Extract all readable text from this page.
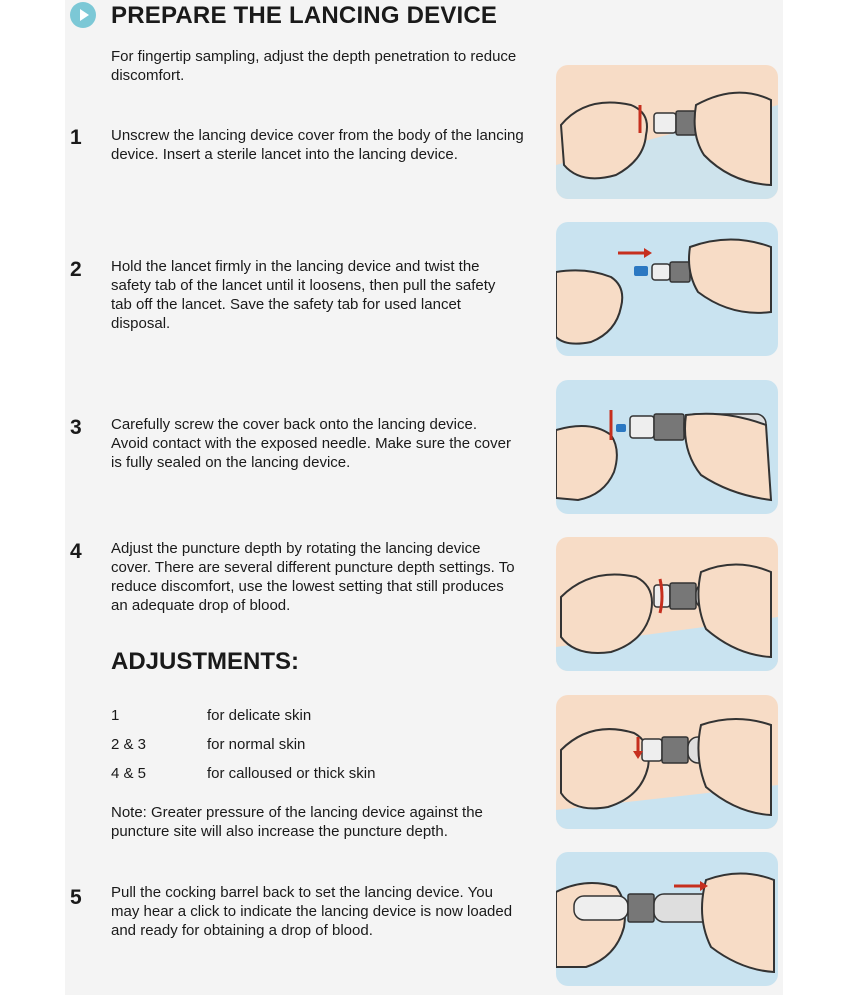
PREPARE THE LANCING DEVICE
For fingertip sampling, adjust the depth penetration to reduce discomfort.
1 Unscrew the lancing device cover from the body of the lancing device. Insert a sterile lancet into the lancing device.
2 Hold the lancet firmly in the lancing device and twist the safety tab of the lancet until it loosens, then pull the safety tab off the lancet. Save the safety tab for used lancet disposal.
3 Carefully screw the cover back onto the lancing device. Avoid contact with the exposed needle. Make sure the cover is fully sealed on the lancing device.
4 Adjust the puncture depth by rotating the lancing device cover. There are several different puncture depth settings. To reduce discomfort, use the lowest setting that still produces an adequate drop of blood.
ADJUSTMENTS:
1	for delicate skin
2 & 3	for normal skin
4 & 5	for calloused or thick skin
Note: Greater pressure of the lancing device against the puncture site will also increase the puncture depth.
5 Pull the cocking barrel back to set the lancing device. You may hear a click to indicate the lancing device is now loaded and ready for obtaining a drop of blood.
